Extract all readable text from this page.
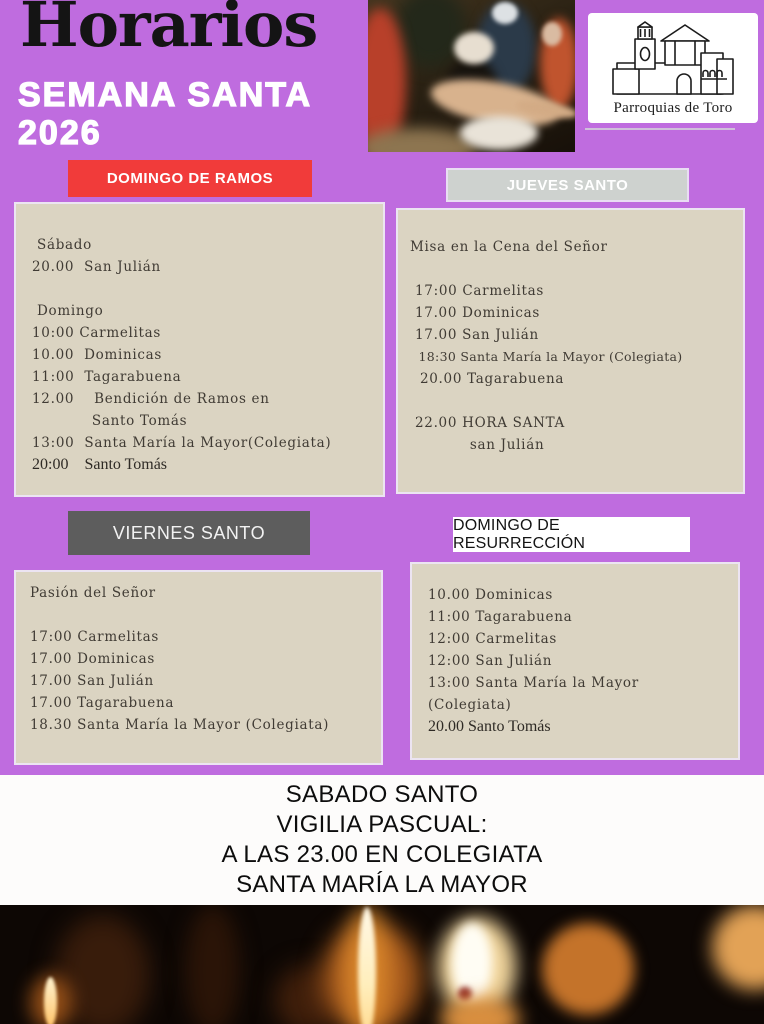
Horarios
SEMANA SANTA
2026
Parroquias de Toro
DOMINGO DE RAMOS	JUEVES SANTO
VIERNES SANTO	DOMINGO DE RESURRECCIÓN
Sábado
20.00  San Julián
Domingo
10:00 Carmelitas
10.00  Dominicas
11:00  Tagarabuena
12.00    Bendición de Ramos en
Santo Tomás
13:00  Santa María la Mayor(Colegiata)
20:00    Santo Tomás
Misa en la Cena del Señor
17:00 Carmelitas
17.00 Dominicas
17.00 San Julián
18:30 Santa María la Mayor (Colegiata)
20.00 Tagarabuena
22.00 HORA SANTA
san Julián
Pasión del Señor
17:00 Carmelitas
17.00 Dominicas
17.00 San Julián
17.00 Tagarabuena
18.30 Santa María la Mayor (Colegiata)
10.00 Dominicas
11:00 Tagarabuena
12:00 Carmelitas
12:00 San Julián
13:00 Santa María la Mayor
(Colegiata)
20.00 Santo Tomás
SABADO SANTO
VIGILIA PASCUAL:
A LAS 23.00 EN COLEGIATA
SANTA MARÍA LA MAYOR
